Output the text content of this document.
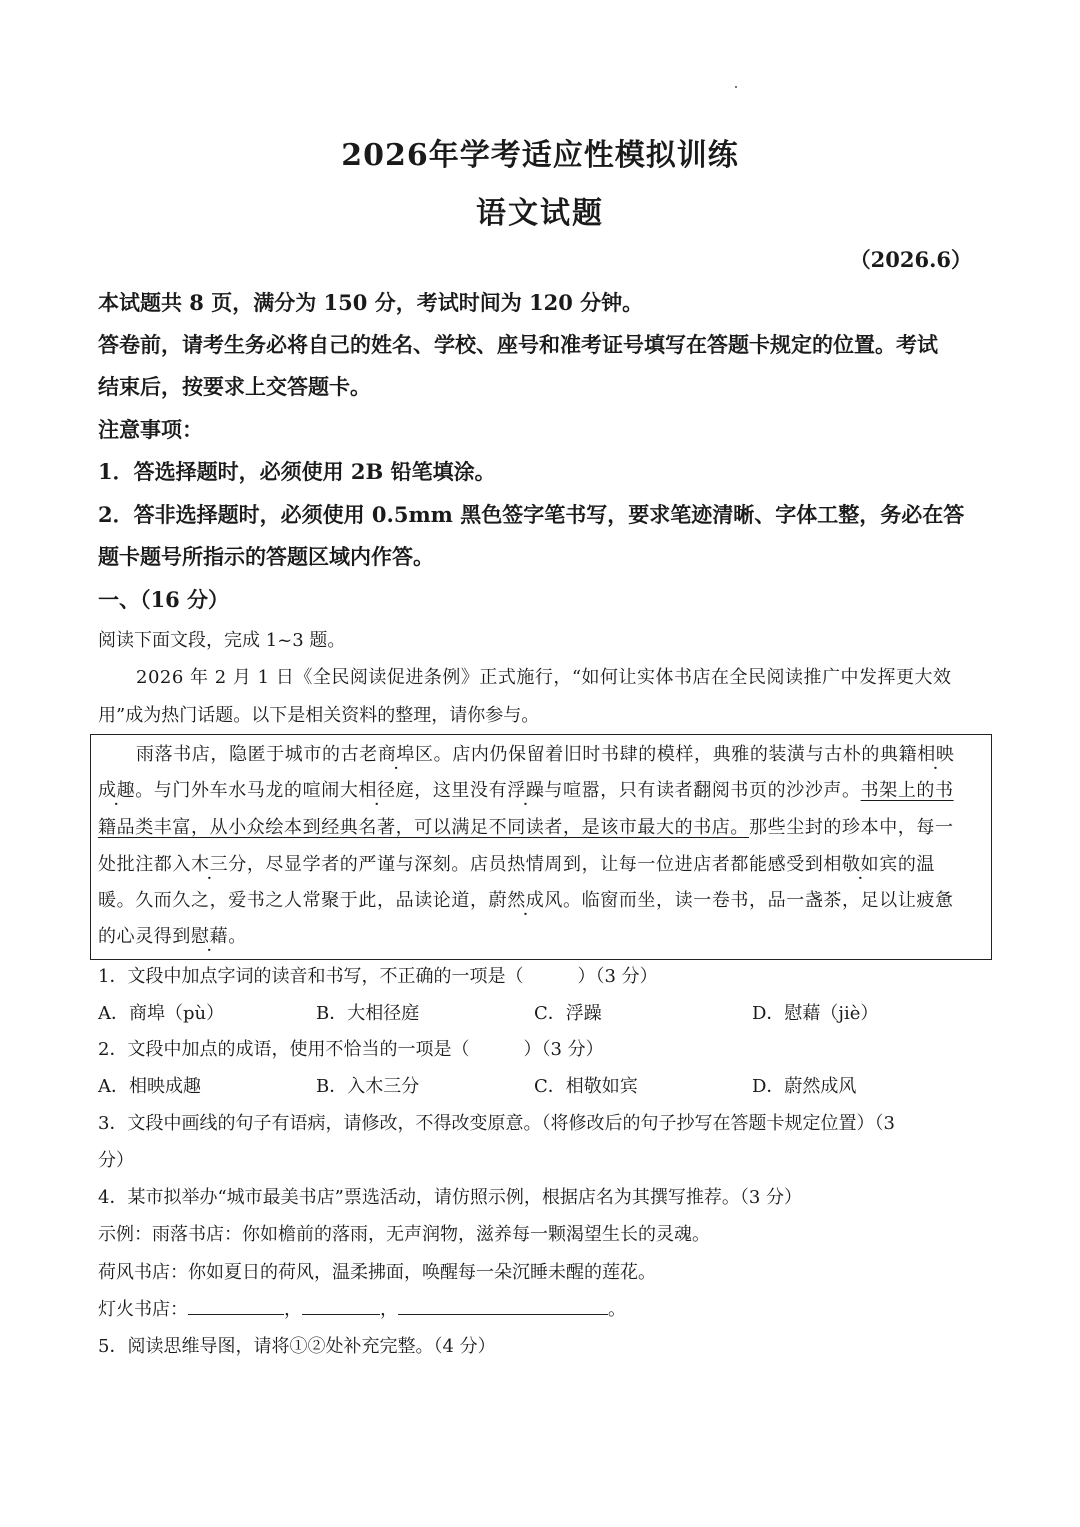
2026年学考适应性模拟训练
语文试题
（2026.6）
本试题共 8 页，满分为 150 分，考试时间为 120 分钟。
答卷前，请考生务必将自己的姓名、学校、座号和准考证号填写在答题卡规定的位置。考试
结束后，按要求上交答题卡。
注意事项：
1．答选择题时，必须使用 2B 铅笔填涂。
2．答非选择题时，必须使用 0.5mm 黑色签字笔书写，要求笔迹清晰、字体工整，务必在答
题卡题号所指示的答题区域内作答。
一、（16 分）
阅读下面文段，完成 1~3 题。
2026 年 2 月 1 日《全民阅读促进条例》正式施行，“如何让实体书店在全民阅读推广中发挥更大效
用”成为热门话题。以下是相关资料的整理，请你参与。
雨落书店，隐匿于城市的古老商埠区。店内仍保留着旧时书肆的模样，典雅的装潢与古朴的典籍相映
成趣。与门外车水马龙的喧闹大相径庭，这里没有浮躁与喧嚣，只有读者翻阅书页的沙沙声。书架上的书
籍品类丰富，从小众绘本到经典名著，可以满足不同读者，是该市最大的书店。那些尘封的珍本中，每一
处批注都入木三分，尽显学者的严谨与深刻。店员热情周到，让每一位进店者都能感受到相敬如宾的温
暖。久而久之，爱书之人常聚于此，品读论道，蔚然成风。临窗而坐，读一卷书，品一盏茶，足以让疲惫
的心灵得到慰藉。
1．文段中加点字词的读音和书写，不正确的一项是（　　　）（3 分）
A．商埠（pù）	B．大相径庭	C．浮躁	D．慰藉（jiè）
2．文段中加点的成语，使用不恰当的一项是（　　　）（3 分）
A．相映成趣	B．入木三分	C．相敬如宾	D．蔚然成风
3．文段中画线的句子有语病，请修改，不得改变原意。（将修改后的句子抄写在答题卡规定位置）（3
分）
4．某市拟举办“城市最美书店”票选活动，请仿照示例，根据店名为其撰写推荐。（3 分）
示例：雨落书店：你如檐前的落雨，无声润物，滋养每一颗渴望生长的灵魂。
荷风书店：你如夏日的荷风，温柔拂面，唤醒每一朵沉睡未醒的莲花。
灯火书店：	，	，	。
5．阅读思维导图，请将①②处补充完整。（4 分）
